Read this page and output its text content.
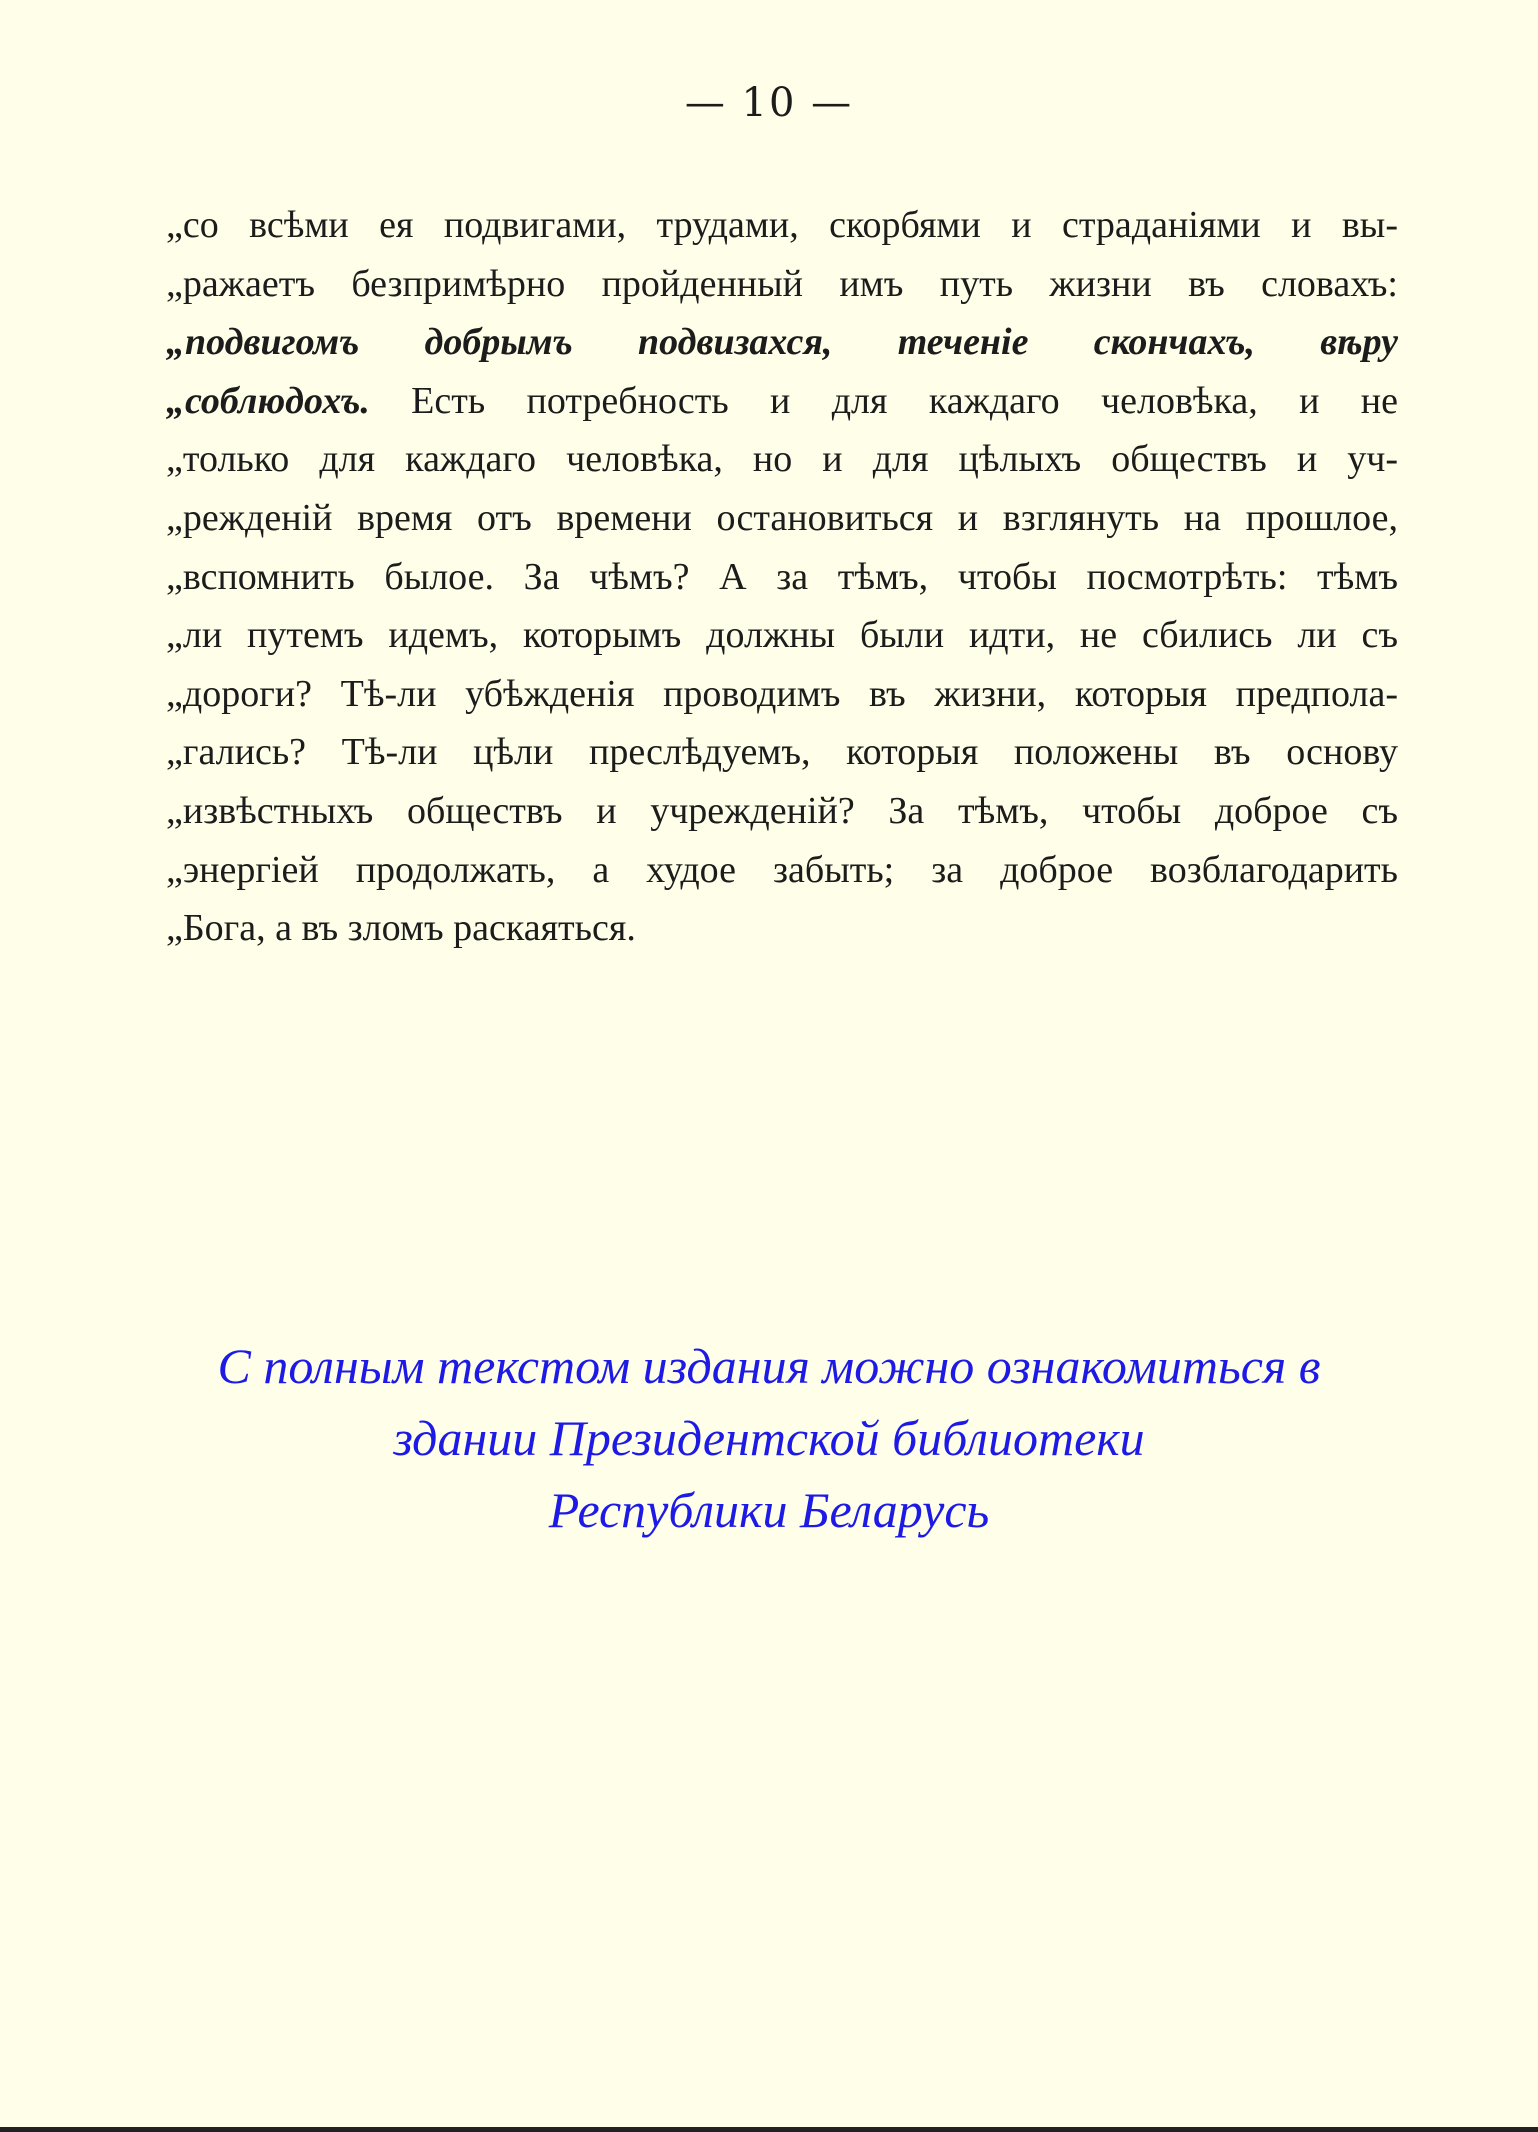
— 10 —
„со всѣми ея подвигами, трудами, скорбями и страданіями и вы-
„ражаетъ безпримѣрно пройденный имъ путь жизни въ словахъ:
„подвигомъ добрымъ подвизахся, теченіе скончахъ, вѣру
„соблюдохъ. Есть потребность и для каждаго человѣка, и не
„только для каждаго человѣка, но и для цѣлыхъ обществъ и уч-
„режденій время отъ времени остановиться и взглянуть на прошлое,
„вспомнить былое. За чѣмъ? А за тѣмъ, чтобы посмотрѣть: тѣмъ
„ли путемъ идемъ, которымъ должны были идти, не сбились ли съ
„дороги? Тѣ-ли убѣжденія проводимъ въ жизни, которыя предпола-
„гались? Тѣ-ли цѣли преслѣдуемъ, которыя положены въ основу
„извѣстныхъ обществъ и учрежденій? За тѣмъ, чтобы доброе съ
„энергіей продолжать, а худое забыть; за доброе возблагодарить
„Бога, а въ зломъ раскаяться.
С полным текстом издания можно ознакомиться в
здании Президентской библиотеки
Республики Беларусь
